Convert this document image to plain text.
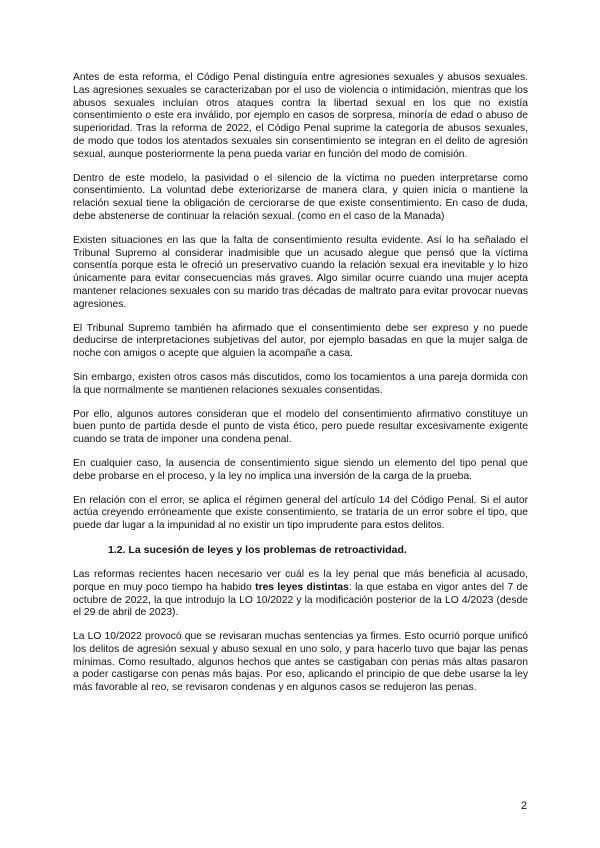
Antes de esta reforma, el Código Penal distinguía entre agresiones sexuales y abusos sexuales. Las agresiones sexuales se caracterizaban por el uso de violencia o intimidación, mientras que los abusos sexuales incluían otros ataques contra la libertad sexual en los que no existía consentimiento o este era inválido, por ejemplo en casos de sorpresa, minoría de edad o abuso de superioridad. Tras la reforma de 2022, el Código Penal suprime la categoría de abusos sexuales, de modo que todos los atentados sexuales sin consentimiento se integran en el delito de agresión sexual, aunque posteriormente la pena pueda variar en función del modo de comisión.

Dentro de este modelo, la pasividad o el silencio de la víctima no pueden interpretarse como consentimiento. La voluntad debe exteriorizarse de manera clara, y quien inicia o mantiene la relación sexual tiene la obligación de cerciorarse de que existe consentimiento. En caso de duda, debe abstenerse de continuar la relación sexual. (como en el caso de la Manada)

Existen situaciones en las que la falta de consentimiento resulta evidente. Así lo ha señalado el Tribunal Supremo al considerar inadmisible que un acusado alegue que pensó que la víctima consentía porque esta le ofreció un preservativo cuando la relación sexual era inevitable y lo hizo únicamente para evitar consecuencias más graves. Algo similar ocurre cuando una mujer acepta mantener relaciones sexuales con su marido tras décadas de maltrato para evitar provocar nuevas agresiones.

El Tribunal Supremo también ha afirmado que el consentimiento debe ser expreso y no puede deducirse de interpretaciones subjetivas del autor, por ejemplo basadas en que la mujer salga de noche con amigos o acepte que alguien la acompañe a casa.

Sin embargo, existen otros casos más discutidos, como los tocamientos a una pareja dormida con la que normalmente se mantienen relaciones sexuales consentidas.

Por ello, algunos autores consideran que el modelo del consentimiento afirmativo constituye un buen punto de partida desde el punto de vista ético, pero puede resultar excesivamente exigente cuando se trata de imponer una condena penal.

En cualquier caso, la ausencia de consentimiento sigue siendo un elemento del tipo penal que debe probarse en el proceso, y la ley no implica una inversión de la carga de la prueba.

En relación con el error, se aplica el régimen general del artículo 14 del Código Penal. Si el autor actúa creyendo erróneamente que existe consentimiento, se trataría de un error sobre el tipo, que puede dar lugar a la impunidad al no existir un tipo imprudente para estos delitos.

1.2. La sucesión de leyes y los problemas de retroactividad.

Las reformas recientes hacen necesario ver cuál es la ley penal que más beneficia al acusado, porque en muy poco tiempo ha habido tres leyes distintas: la que estaba en vigor antes del 7 de octubre de 2022, la que introdujo la LO 10/2022 y la modificación posterior de la LO 4/2023 (desde el 29 de abril de 2023).

La LO 10/2022 provocó que se revisaran muchas sentencias ya firmes. Esto ocurrió porque unificó los delitos de agresión sexual y abuso sexual en uno solo, y para hacerlo tuvo que bajar las penas mínimas. Como resultado, algunos hechos que antes se castigaban con penas más altas pasaron a poder castigarse con penas más bajas. Por eso, aplicando el principio de que debe usarse la ley más favorable al reo, se revisaron condenas y en algunos casos se redujeron las penas.

2
